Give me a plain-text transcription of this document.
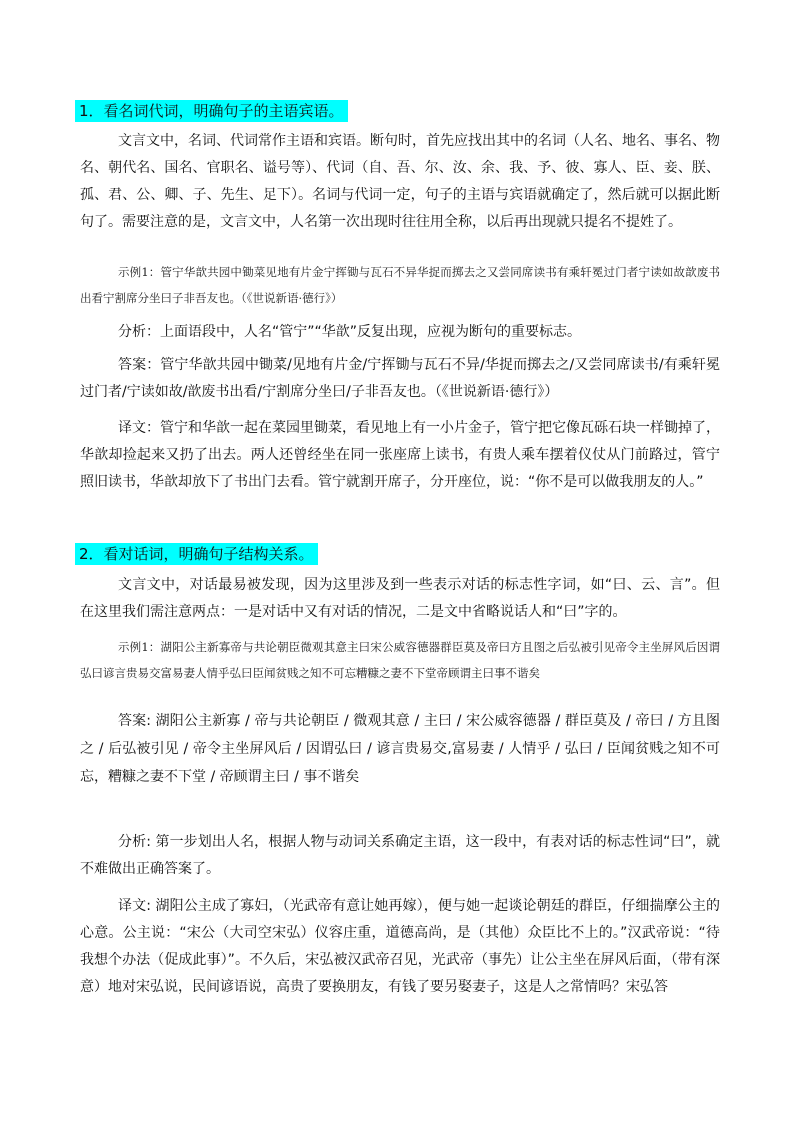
1．看名词代词，明确句子的主语宾语。

文言文中，名词、代词常作主语和宾语。断句时，首先应找出其中的名词（人名、地名、事名、物名、朝代名、国名、官职名、谥号等）、代词（自、吾、尔、汝、余、我、予、彼、寡人、臣、妾、朕、孤、君、公、卿、子、先生、足下）。名词与代词一定，句子的主语与宾语就确定了，然后就可以据此断句了。需要注意的是，文言文中，人名第一次出现时往往用全称，以后再出现就只提名不提姓了。

示例1：管宁华歆共园中锄菜见地有片金宁挥锄与瓦石不异华捉而掷去之又尝同席读书有乘轩冕过门者宁读如故歆废书出看宁割席分坐曰子非吾友也。（《世说新语·德行》）

分析：上面语段中，人名“管宁”“华歆”反复出现，应视为断句的重要标志。

答案：管宁华歆共园中锄菜/见地有片金/宁挥锄与瓦石不异/华捉而掷去之/又尝同席读书/有乘轩冕过门者/宁读如故/歆废书出看/宁割席分坐曰/子非吾友也。（《世说新语·德行》）

译文：管宁和华歆一起在菜园里锄菜，看见地上有一小片金子，管宁把它像瓦砾石块一样锄掉了，华歆却捡起来又扔了出去。两人还曾经坐在同一张座席上读书，有贵人乘车摆着仪仗从门前路过，管宁照旧读书，华歆却放下了书出门去看。管宁就割开席子，分开座位，说：“你不是可以做我朋友的人。”

2．看对话词，明确句子结构关系。

文言文中，对话最易被发现，因为这里涉及到一些表示对话的标志性字词，如“曰、云、言”。但在这里我们需注意两点：一是对话中又有对话的情况，二是文中省略说话人和“曰”字的。

示例1：湖阳公主新寡帝与共论朝臣微观其意主曰宋公威容德器群臣莫及帝曰方且图之后弘被引见帝令主坐屏风后因谓弘曰谚言贵易交富易妻人情乎弘曰臣闻贫贱之知不可忘糟糠之妻不下堂帝顾谓主曰事不谐矣

答案: 湖阳公主新寡 / 帝与共论朝臣 / 微观其意 / 主曰 / 宋公威容德器 / 群臣莫及 / 帝曰 / 方且图之 / 后弘被引见 / 帝令主坐屏风后 / 因谓弘曰 / 谚言贵易交,富易妻 / 人情乎 / 弘曰 / 臣闻贫贱之知不可忘，糟糠之妻不下堂 / 帝顾谓主曰 / 事不谐矣

分析: 第一步划出人名，根据人物与动词关系确定主语，这一段中，有表对话的标志性词“曰”，就不难做出正确答案了。

译文: 湖阳公主成了寡妇，（光武帝有意让她再嫁），便与她一起谈论朝廷的群臣，仔细揣摩公主的心意。公主说：“宋公（大司空宋弘）仪容庄重，道德高尚，是（其他）众臣比不上的。”汉武帝说：“待我想个办法（促成此事）”。不久后，宋弘被汉武帝召见，光武帝（事先）让公主坐在屏风后面，（带有深意）地对宋弘说，民间谚语说，高贵了要换朋友，有钱了要另娶妻子，这是人之常情吗？宋弘答
